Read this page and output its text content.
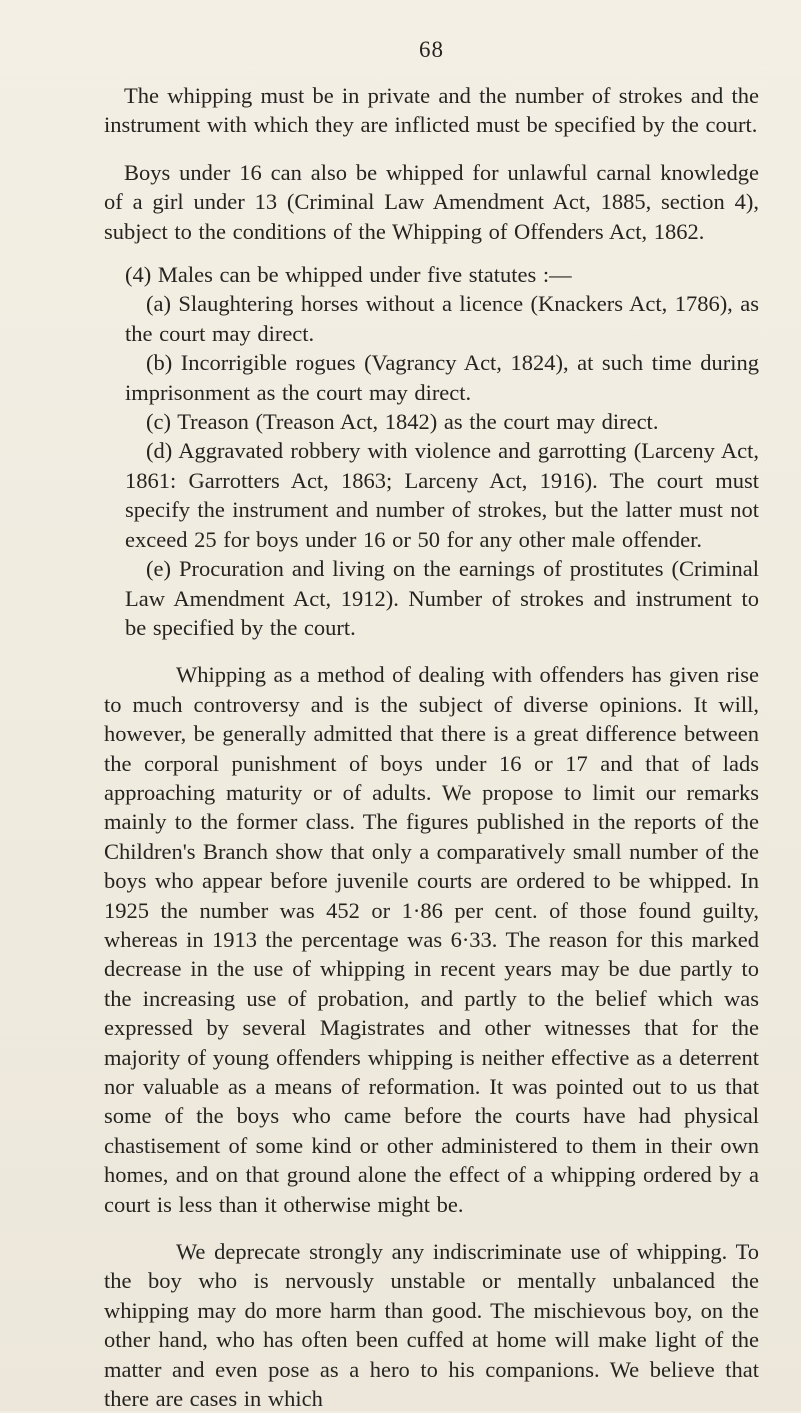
68

The whipping must be in private and the number of strokes and the instrument with which they are inflicted must be specified by the court.

Boys under 16 can also be whipped for unlawful carnal knowledge of a girl under 13 (Criminal Law Amendment Act, 1885, section 4), subject to the conditions of the Whipping of Offenders Act, 1862.

(4) Males can be whipped under five statutes :—

(a) Slaughtering horses without a licence (Knackers Act, 1786), as the court may direct.

(b) Incorrigible rogues (Vagrancy Act, 1824), at such time during imprisonment as the court may direct.

(c) Treason (Treason Act, 1842) as the court may direct.

(d) Aggravated robbery with violence and garrotting (Larceny Act, 1861: Garrotters Act, 1863; Larceny Act, 1916). The court must specify the instrument and number of strokes, but the latter must not exceed 25 for boys under 16 or 50 for any other male offender.

(e) Procuration and living on the earnings of prostitutes (Criminal Law Amendment Act, 1912). Number of strokes and instrument to be specified by the court.

Whipping as a method of dealing with offenders has given rise to much controversy and is the subject of diverse opinions. It will, however, be generally admitted that there is a great difference between the corporal punishment of boys under 16 or 17 and that of lads approaching maturity or of adults. We propose to limit our remarks mainly to the former class. The figures published in the reports of the Children's Branch show that only a comparatively small number of the boys who appear before juvenile courts are ordered to be whipped. In 1925 the number was 452 or 1·86 per cent. of those found guilty, whereas in 1913 the percentage was 6·33. The reason for this marked decrease in the use of whipping in recent years may be due partly to the increasing use of probation, and partly to the belief which was expressed by several Magistrates and other witnesses that for the majority of young offenders whipping is neither effective as a deterrent nor valuable as a means of reformation. It was pointed out to us that some of the boys who came before the courts have had physical chastisement of some kind or other administered to them in their own homes, and on that ground alone the effect of a whipping ordered by a court is less than it otherwise might be.

We deprecate strongly any indiscriminate use of whipping. To the boy who is nervously unstable or mentally unbalanced the whipping may do more harm than good. The mischievous boy, on the other hand, who has often been cuffed at home will make light of the matter and even pose as a hero to his companions. We believe that there are cases in which
